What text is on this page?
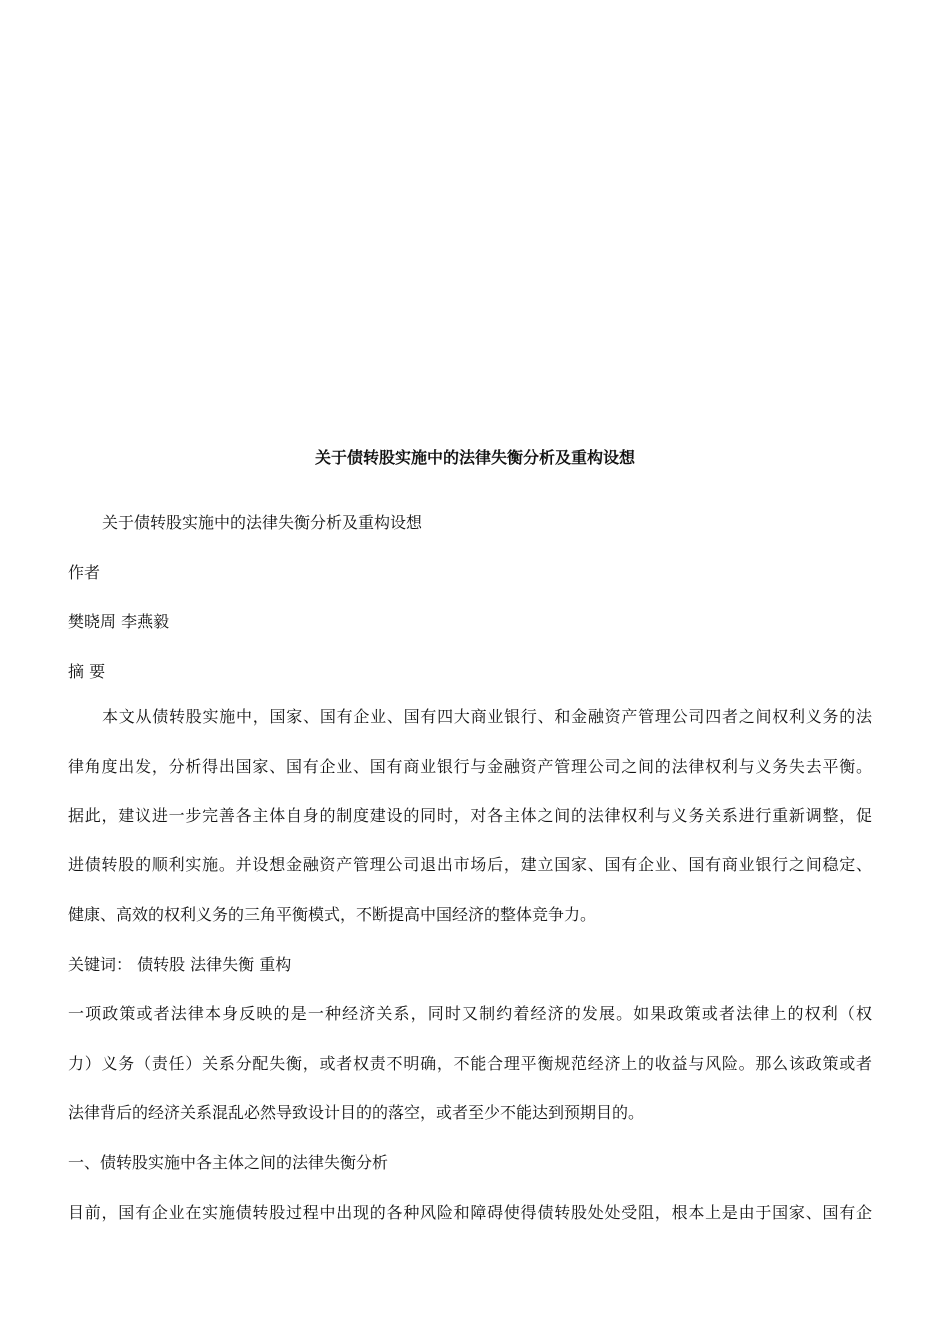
关于债转股实施中的法律失衡分析及重构设想
关于债转股实施中的法律失衡分析及重构设想
作者
樊晓周 李燕毅
摘 要
本文从债转股实施中，国家、国有企业、国有四大商业银行、和金融资产管理公司四者之间权利义务的法
律角度出发，分析得出国家、国有企业、国有商业银行与金融资产管理公司之间的法律权利与义务失去平衡。
据此，建议进一步完善各主体自身的制度建设的同时，对各主体之间的法律权利与义务关系进行重新调整，促
进债转股的顺利实施。并设想金融资产管理公司退出市场后，建立国家、国有企业、国有商业银行之间稳定、
健康、高效的权利义务的三角平衡模式，不断提高中国经济的整体竞争力。
关键词： 债转股 法律失衡 重构
一项政策或者法律本身反映的是一种经济关系，同时又制约着经济的发展。如果政策或者法律上的权利（权
力）义务（责任）关系分配失衡，或者权责不明确，不能合理平衡规范经济上的收益与风险。那么该政策或者
法律背后的经济关系混乱必然导致设计目的的落空，或者至少不能达到预期目的。
一、债转股实施中各主体之间的法律失衡分析
目前，国有企业在实施债转股过程中出现的各种风险和障碍使得债转股处处受阻，根本上是由于国家、国有企
